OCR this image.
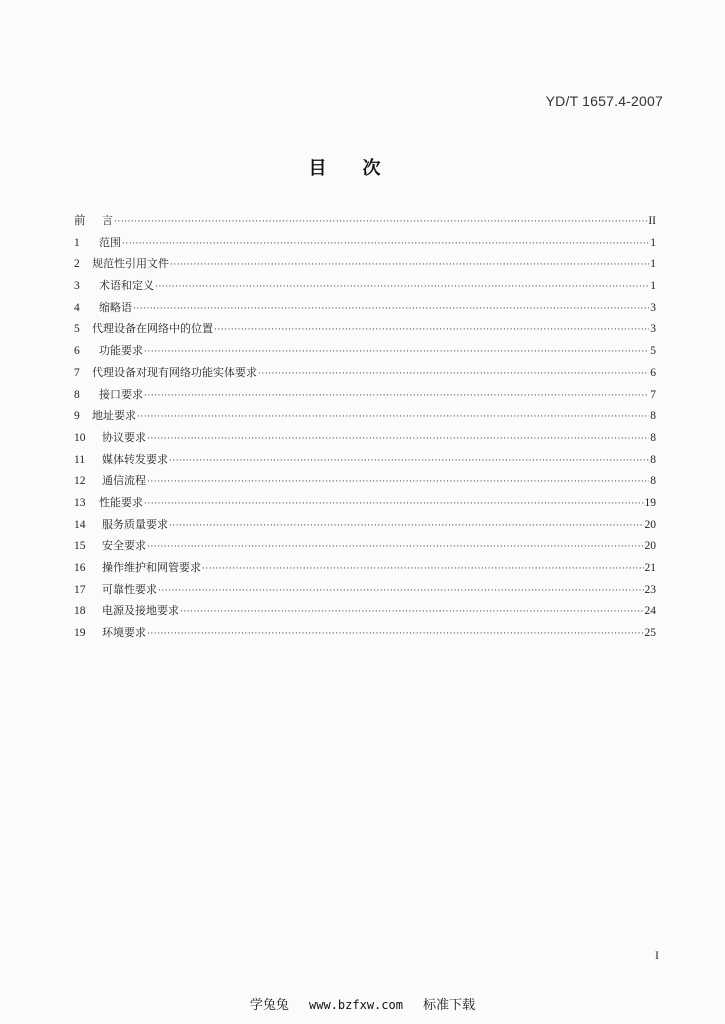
YD/T 1657.4-2007
目次
前	言 ·····	II
1	范围 ·····	1
2	规范性引用文件 ·····	1
3	术语和定义 ·····	1
4	缩略语 ·····	3
5	代理设备在网络中的位置 ·····	3
6	功能要求 ·····	5
7	代理设备对现有网络功能实体要求 ·····	6
8	接口要求 ·····	7
9	地址要求 ·····	8
10	协议要求 ·····	8
11	媒体转发要求 ·····	8
12	通信流程 ·····	8
13	性能要求 ·····	19
14	服务质量要求 ·····	20
15	安全要求 ·····	20
16	操作维护和网管要求 ·····	21
17	可靠性要求 ·····	23
18	电源及接地要求 ·····	24
19	环境要求 ·····	25
I
学兔兔 www.bzfxw.com 标准下载
